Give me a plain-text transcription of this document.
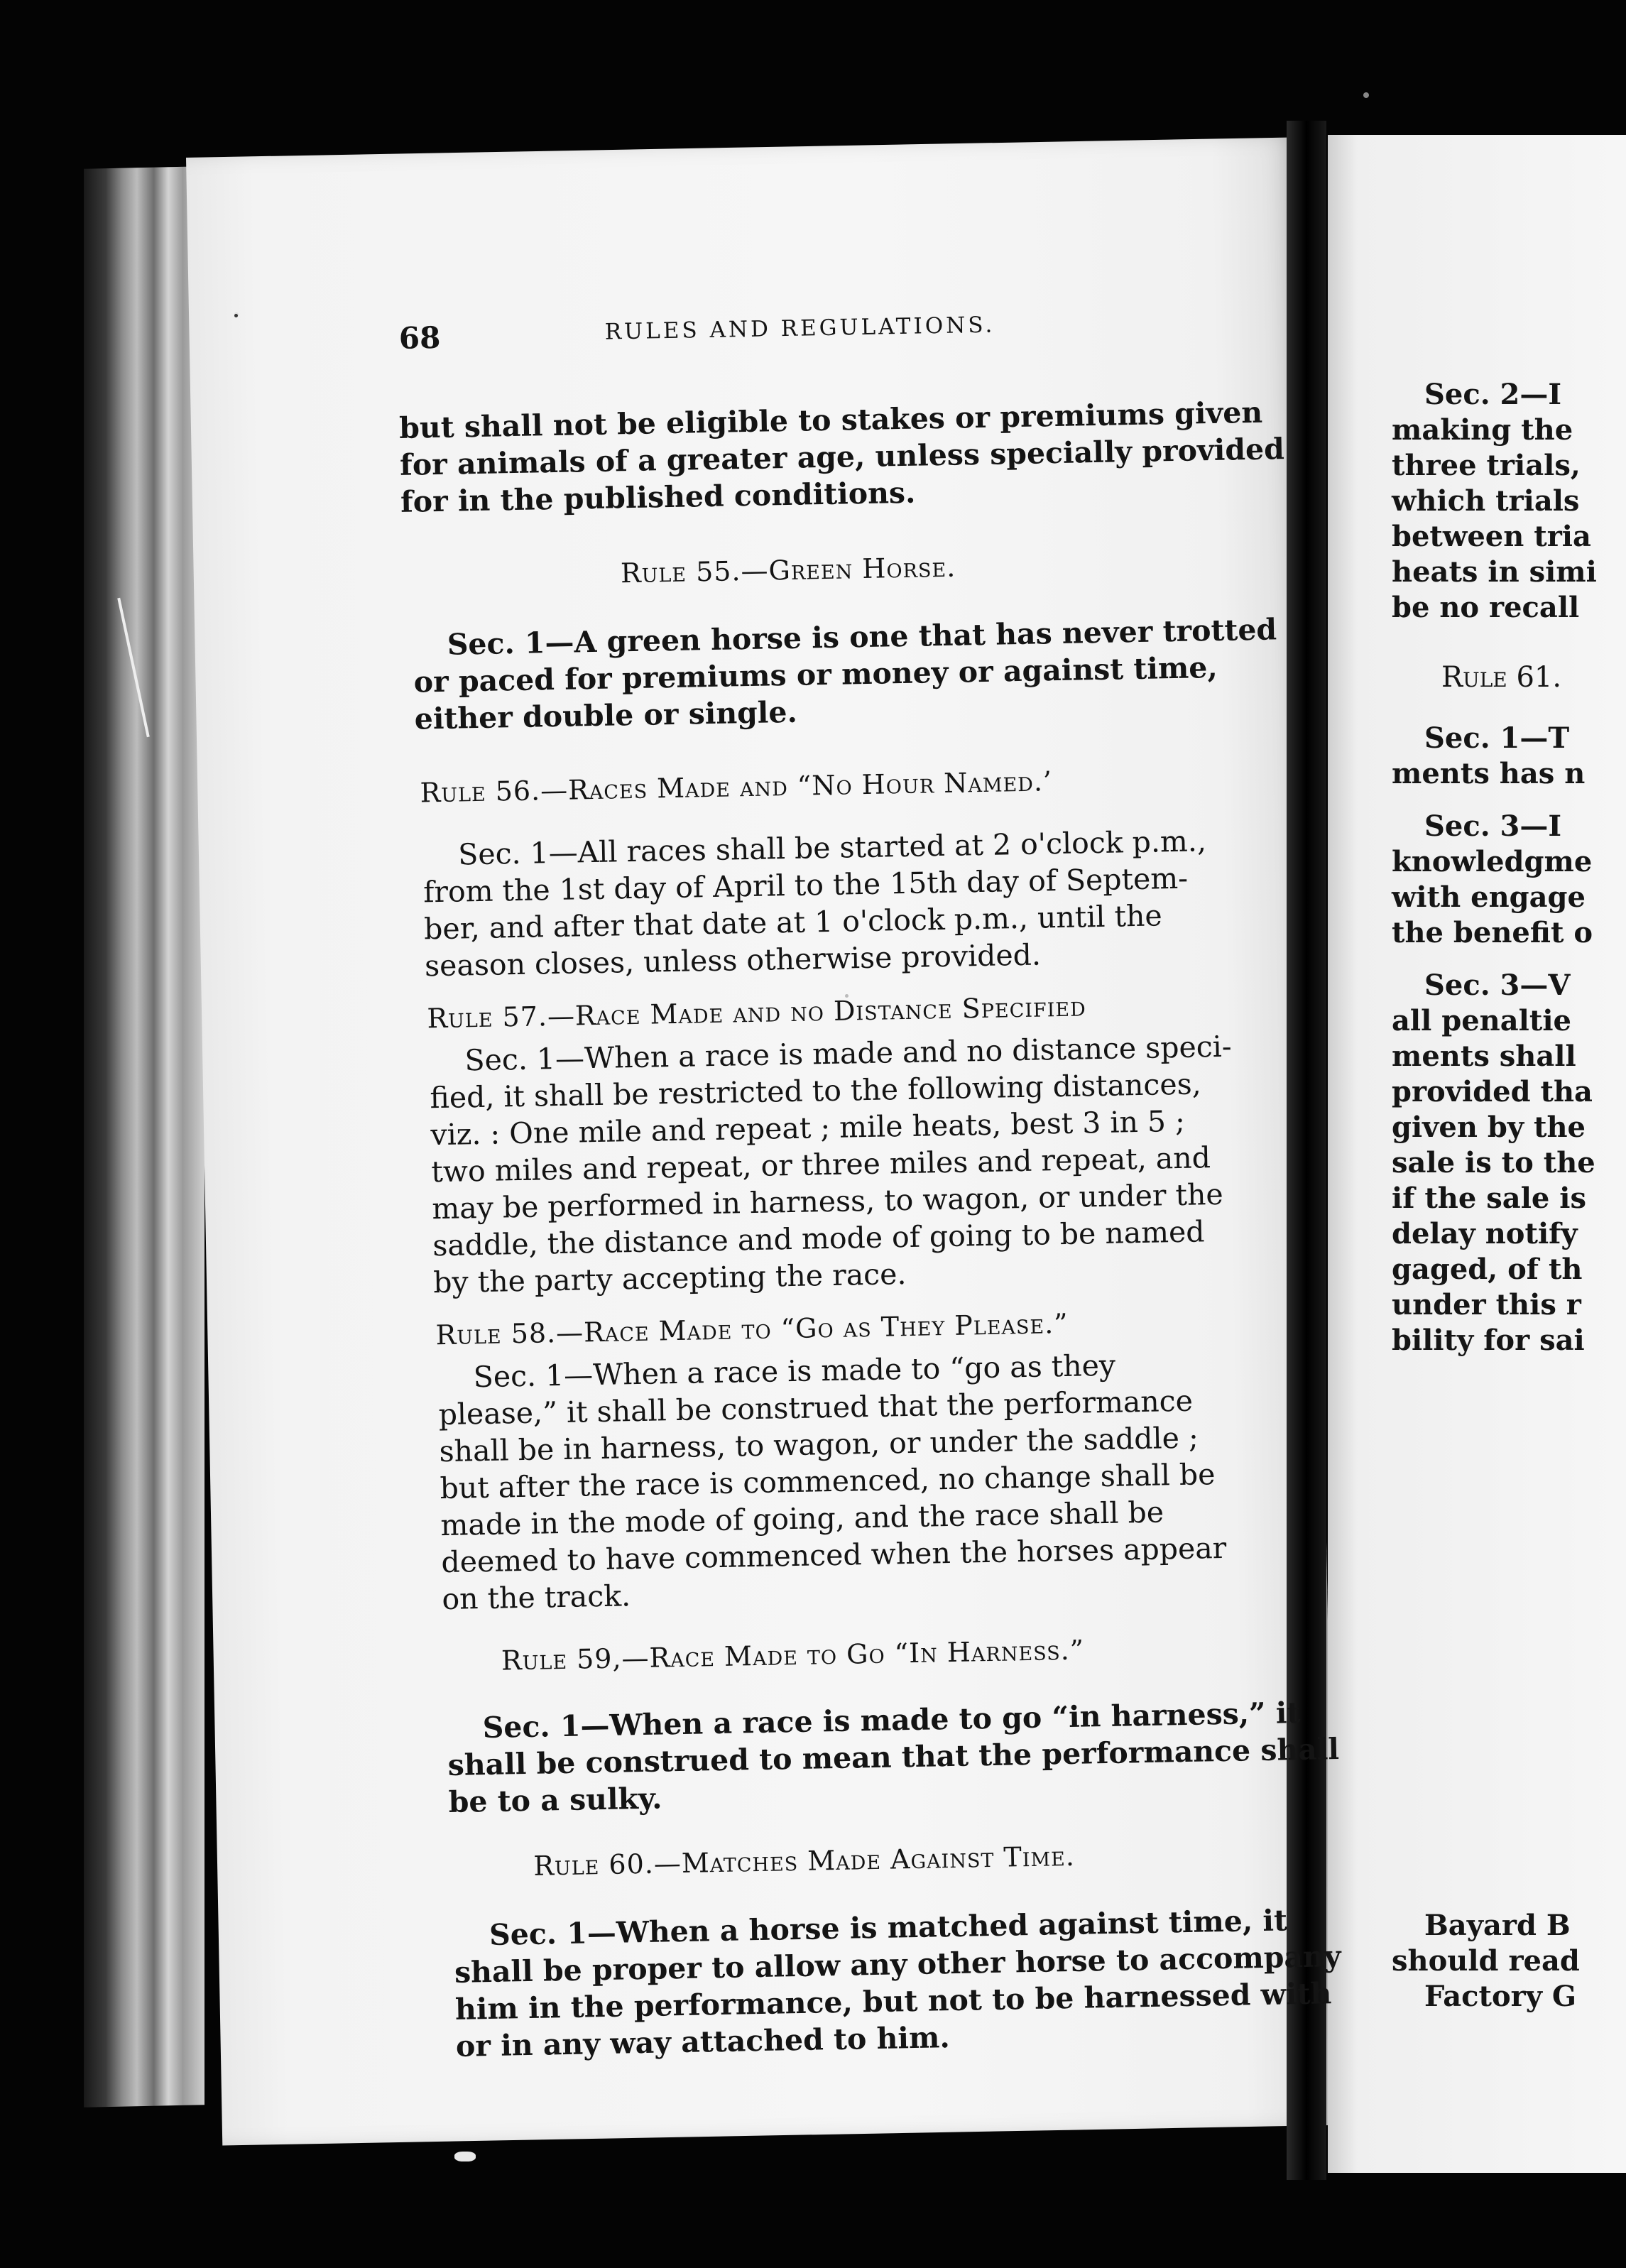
68	RULES AND REGULATIONS.
but shall not be eligible to stakes or premiums given
for animals of a greater age, unless specially provided
for in the published conditions.
Rule 55.—Green Horse.
Sec. 1—A green horse is one that has never trotted
or paced for premiums or money or against time,
either double or single.
Rule 56.—Races Made and “No Hour Named.’
Sec. 1—All races shall be started at 2 o'clock p.m.,
from the 1st day of April to the 15th day of Septem-
ber, and after that date at 1 o'clock p.m., until the
season closes, unless otherwise provided.
Rule 57.—Race Made and no Distance Specified
Sec. 1—When a race is made and no distance speci-
fied, it shall be restricted to the following distances,
viz. : One mile and repeat ; mile heats, best 3 in 5 ;
two miles and repeat, or three miles and repeat, and
may be performed in harness, to wagon, or under the
saddle, the distance and mode of going to be named
by the party accepting the race.
Rule 58.—Race Made to “Go as They Please.”
Sec. 1—When a race is made to “go as they
please,” it shall be construed that the performance
shall be in harness, to wagon, or under the saddle ;
but after the race is commenced, no change shall be
made in the mode of going, and the race shall be
deemed to have commenced when the horses appear
on the track.
Rule 59,—Race Made to Go “In Harness.”
Sec. 1—When a race is made to go “in harness,” it
shall be construed to mean that the performance shall
be to a sulky.
Rule 60.—Matches Made Against Time.
Sec. 1—When a horse is matched against time, it
shall be proper to allow any other horse to accompany
him in the performance, but not to be harnessed with
or in any way attached to him.
Sec. 2—I
making the
three trials,
which trials
between tria
heats in simi
be no recall
Rule 61.
Sec. 1—T
ments has n
Sec. 3—I
knowledgme
with engage
the benefit o
Sec. 3—V
all penaltie
ments shall
provided tha
given by the
sale is to the
if the sale is
delay notify
gaged, of th
under this r
bility for sai
Bayard B
should read
Factory G
